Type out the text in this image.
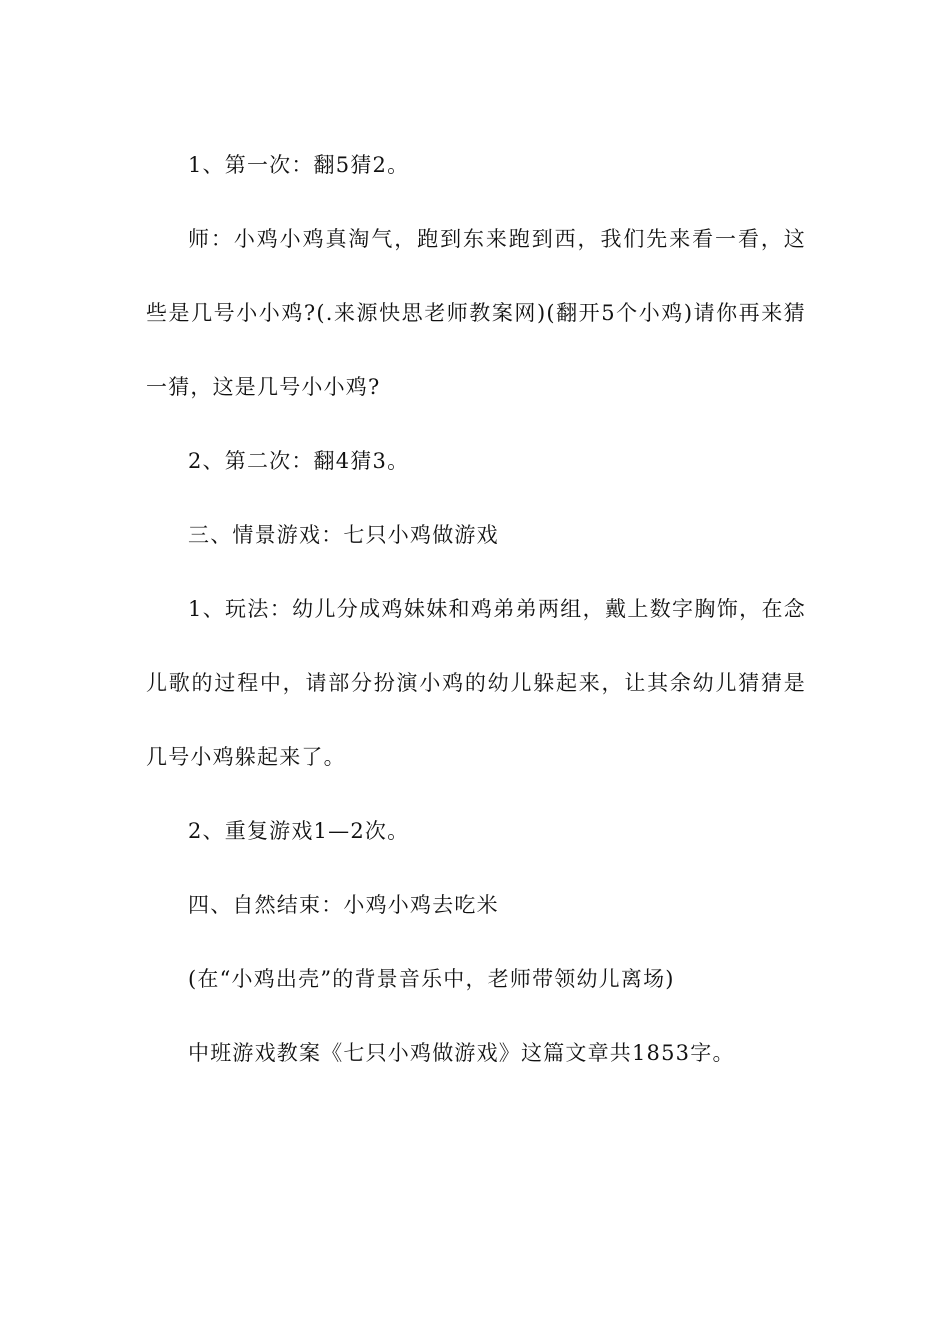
1、第一次：翻5猜2。

师：小鸡小鸡真淘气，跑到东来跑到西，我们先来看一看，这些是几号小小鸡?(.来源快思老师教案网)(翻开5个小鸡)请你再来猜一猜，这是几号小小鸡?

2、第二次：翻4猜3。

三、情景游戏：七只小鸡做游戏

1、玩法：幼儿分成鸡妹妹和鸡弟弟两组，戴上数字胸饰，在念儿歌的过程中，请部分扮演小鸡的幼儿躲起来，让其余幼儿猜猜是几号小鸡躲起来了。

2、重复游戏1—2次。

四、自然结束：小鸡小鸡去吃米

(在“小鸡出壳”的背景音乐中，老师带领幼儿离场)

中班游戏教案《七只小鸡做游戏》这篇文章共1853字。
